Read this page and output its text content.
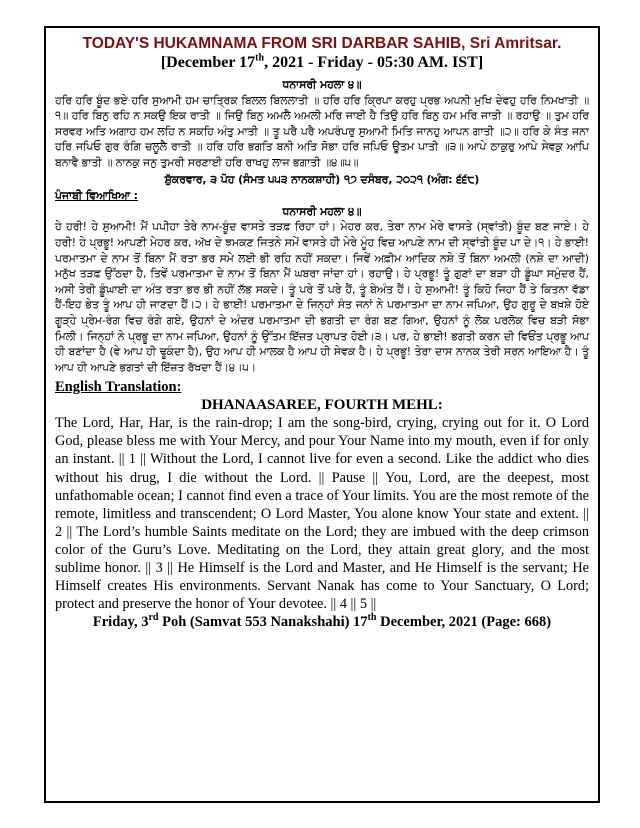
TODAY'S HUKAMNAMA FROM SRI DARBAR SAHIB, Sri Amritsar.
[December 17th, 2021 - Friday - 05:30 AM. IST]
ਧਨਾਸਰੀ ਮਹਲਾ ੪॥
ਹਰਿ ਹਰਿ ਬੂੰਦ ਭਏ ਹਰਿ ਸੁਆਮੀ ਹਮ ਚਾਤ੍ਰਿਕ ਬਿਲਲ ਬਿਲਲਾਤੀ ॥ ਹਰਿ ਹਰਿ ਕ੍ਰਿਪਾ ਕਰਹੁ ਪ੍ਰਭ ਅਪਨੀ ਮੁਖਿ ਦੇਵਹੁ ਹਰਿ ਨਿਮਖਾਤੀ ॥੧॥ ਹਰਿ ਬਿਨੁ ਰਹਿ ਨ ਸਕਉ ਇਕ ਰਾਤੀ ॥ ਜਿਉ ਬਿਨੁ ਅਮਲੈ ਅਮਲੀ ਮਰਿ ਜਾਈ ਹੈ ਤਿਉ ਹਰਿ ਬਿਨੁ ਹਮ ਮਰਿ ਜਾਤੀ ॥ ਰਹਾਉ ॥ ਤੁਮ ਹਰਿ ਸਰਵਰ ਅਤਿ ਅਗਾਹ ਹਮ ਲਹਿ ਨ ਸਕਹਿ ਅੰਤੁ ਮਾਤੀ ॥ ਤੂ ਪਰੈ ਪਰੈ ਅਪਰੰਪਰੁ ਸੁਆਮੀ ਮਿਤਿ ਜਾਨਹੁ ਆਪਨ ਗਾਤੀ ॥੨॥ ਹਰਿ ਕੇ ਸੰਤ ਜਨਾ ਹਰਿ ਜਪਿਓ ਗੁਰ ਰੰਗਿ ਚਲੂਲੈ ਰਾਤੀ ॥ ਹਰਿ ਹਰਿ ਭਗਤਿ ਬਨੀ ਅਤਿ ਸੋਭਾ ਹਰਿ ਜਪਿਓ ਊਤਮ ਪਾਤੀ ॥੩॥ ਆਪੇ ਠਾਕੁਰੁ ਆਪੇ ਸੇਵਕੁ ਆਪਿ ਬਨਾਵੈ ਭਾਤੀ ॥ ਨਾਨਕੁ ਜਨੁ ਤੁਮਰੀ ਸਰਣਾਈ ਹਰਿ ਰਾਖਹੁ ਲਾਜ ਭਗਾਤੀ ॥੪॥੫॥
ਸ਼ੁੱਕਰਵਾਰ, ੩ ਪੋਹ (ਸੰਮਤ ੫੫੩ ਨਾਨਕਸ਼ਾਹੀ) ੧੭ ਦਸੰਬਰ, ੨੦੨੧ (ਅੰਗ: ੬੬੮)
ਪੰਜਾਬੀ ਵਿਆਖਿਆ :
ਧਨਾਸਰੀ ਮਹਲਾ ੪॥
ਹੇ ਹਰੀ! ਹੇ ਸੁਆਮੀ! ਮੈਂ ਪਪੀਹਾ ਤੇਰੇ ਨਾਮ-ਬੂੰਦ ਵਾਸਤੇ ਤੜਫ਼ ਰਿਹਾ ਹਾਂ। ਮੇਹਰ ਕਰ, ਤੇਰਾ ਨਾਮ ਮੇਰੇ ਵਾਸਤੇ (ਸ੍ਵਾਂਤੀ) ਬੂੰਦ ਬਣ ਜਾਏ। ਹੇ ਹਰੀ! ਹੇ ਪ੍ਰਭੂ! ਆਪਣੀ ਮੇਹਰ ਕਰ, ਅੱਖ ਦੇ ਝਮਕਣ ਜਿਤਨੇ ਸਮੇਂ ਵਾਸਤੇ ਹੀ ਮੇਰੇ ਮੂੰਹ ਵਿਚ ਆਪਣੇ ਨਾਮ ਦੀ ਸ੍ਵਾਂਤੀ ਬੂੰਦ ਪਾ ਦੇ।੧। ਹੇ ਭਾਈ! ਪਰਮਾਤਮਾ ਦੇ ਨਾਮ ਤੋਂ ਬਿਨਾ ਮੈਂ ਰਤਾ ਭਰ ਸਮੇ ਲਈ ਭੀ ਰਹਿ ਨਹੀਂ ਸਕਦਾ। ਜਿਵੇਂ ਅਫ਼ੀਮ ਆਦਿਕ ਨਸ਼ੇ ਤੋਂ ਬਿਨਾ ਅਮਲੀ (ਨਸ਼ੇ ਦਾ ਆਦੀ) ਮਨੁੱਖ ਤੜਫ਼ ਉੱਠਦਾ ਹੈ, ਤਿਵੇਂ ਪਰਮਾਤਮਾ ਦੇ ਨਾਮ ਤੋਂ ਬਿਨਾ ਮੈਂ ਘਬਰਾ ਜਾਂਦਾ ਹਾਂ। ਰਹਾਉ। ਹੇ ਪ੍ਰਭੂ! ਤੂੰ ਗੁਣਾਂ ਦਾ ਬੜਾ ਹੀ ਡੂੰਘਾ ਸਮੁੰਦਰ ਹੈਂ, ਅਸੀ ਤੇਰੀ ਡੂੰਘਾਈ ਦਾ ਅੰਤ ਰਤਾ ਭਰ ਭੀ ਨਹੀਂ ਲੱਭ ਸਕਦੇ। ਤੂੰ ਪਰੇ ਤੋਂ ਪਰੇ ਹੈਂ, ਤੂੰ ਬੇਅੰਤ ਹੈਂ। ਹੇ ਸੁਆਮੀ! ਤੂੰ ਕਿਹੋ ਜਿਹਾ ਹੈਂ ਤੇ ਕਿਤਨਾ ਵੱਡਾ ਹੈਂ-ਇਹ ਭੇਤ ਤੂੰ ਆਪ ਹੀ ਜਾਣਦਾ ਹੈਂ।੨। ਹੇ ਭਾਈ! ਪਰਮਾਤਮਾ ਦੇ ਜਿਨ੍ਹਾਂ ਸੰਤ ਜਨਾਂ ਨੇ ਪਰਮਾਤਮਾ ਦਾ ਨਾਮ ਜਪਿਆ, ਉਹ ਗੁਰੂ ਦੇ ਬਖ਼ਸ਼ੇ ਹੋਏ ਗੂੜ੍ਹੇ ਪ੍ਰੇਮ-ਰੰਗ ਵਿਚ ਰੰਗੇ ਗਏ, ਉਹਨਾਂ ਦੇ ਅੰਦਰ ਪਰਮਾਤਮਾ ਦੀ ਭਗਤੀ ਦਾ ਰੰਗ ਬਣ ਗਿਆ, ਉਹਨਾਂ ਨੂੰ ਲੋਕ ਪਰਲੋਕ ਵਿਚ ਬੜੀ ਸੋਭਾ ਮਿਲੀ। ਜਿਨ੍ਹਾਂ ਨੇ ਪ੍ਰਭੂ ਦਾ ਨਾਮ ਜਪਿਆ, ਉਹਨਾਂ ਨੂੰ ਉੱਤਮ ਇੱਜ਼ਤ ਪ੍ਰਾਪਤ ਹੋਈ।੩। ਪਰ, ਹੇ ਭਾਈ! ਭਗਤੀ ਕਰਨ ਦੀ ਵਿਓਂਤ ਪ੍ਰਭੂ ਆਪ ਹੀ ਬਣਾਂਦਾ ਹੈ (ਵੇ ਆਪ ਹੀ ਢੂਕੰਦਾ ਹੈ), ਉਹ ਆਪ ਹੀ ਮਾਲਕ ਹੈ ਆਪ ਹੀ ਸੇਵਕ ਹੈ। ਹੇ ਪ੍ਰਭੂ! ਤੇਰਾ ਦਾਸ ਨਾਨਕ ਤੇਰੀ ਸਰਨ ਆਇਆ ਹੈ। ਤੂੰ ਆਪ ਹੀ ਆਪਣੇ ਭਗਤਾਂ ਦੀ ਇੱਜ਼ਤ ਰੱਖਦਾ ਹੈਂ।੪।੫।
English Translation:
DHANAASAREE, FOURTH MEHL:
The Lord, Har, Har, is the rain-drop; I am the song-bird, crying, crying out for it. O Lord God, please bless me with Your Mercy, and pour Your Name into my mouth, even if for only an instant. || 1 || Without the Lord, I cannot live for even a second. Like the addict who dies without his drug, I die without the Lord. || Pause || You, Lord, are the deepest, most unfathomable ocean; I cannot find even a trace of Your limits. You are the most remote of the remote, limitless and transcendent; O Lord Master, You alone know Your state and extent. || 2 || The Lord’s humble Saints meditate on the Lord; they are imbued with the deep crimson color of the Guru’s Love. Meditating on the Lord, they attain great glory, and the most sublime honor. || 3 || He Himself is the Lord and Master, and He Himself is the servant; He Himself creates His environments. Servant Nanak has come to Your Sanctuary, O Lord; protect and preserve the honor of Your devotee. || 4 || 5 ||
Friday, 3rd Poh (Samvat 553 Nanakshahi) 17th December, 2021 (Page: 668)
